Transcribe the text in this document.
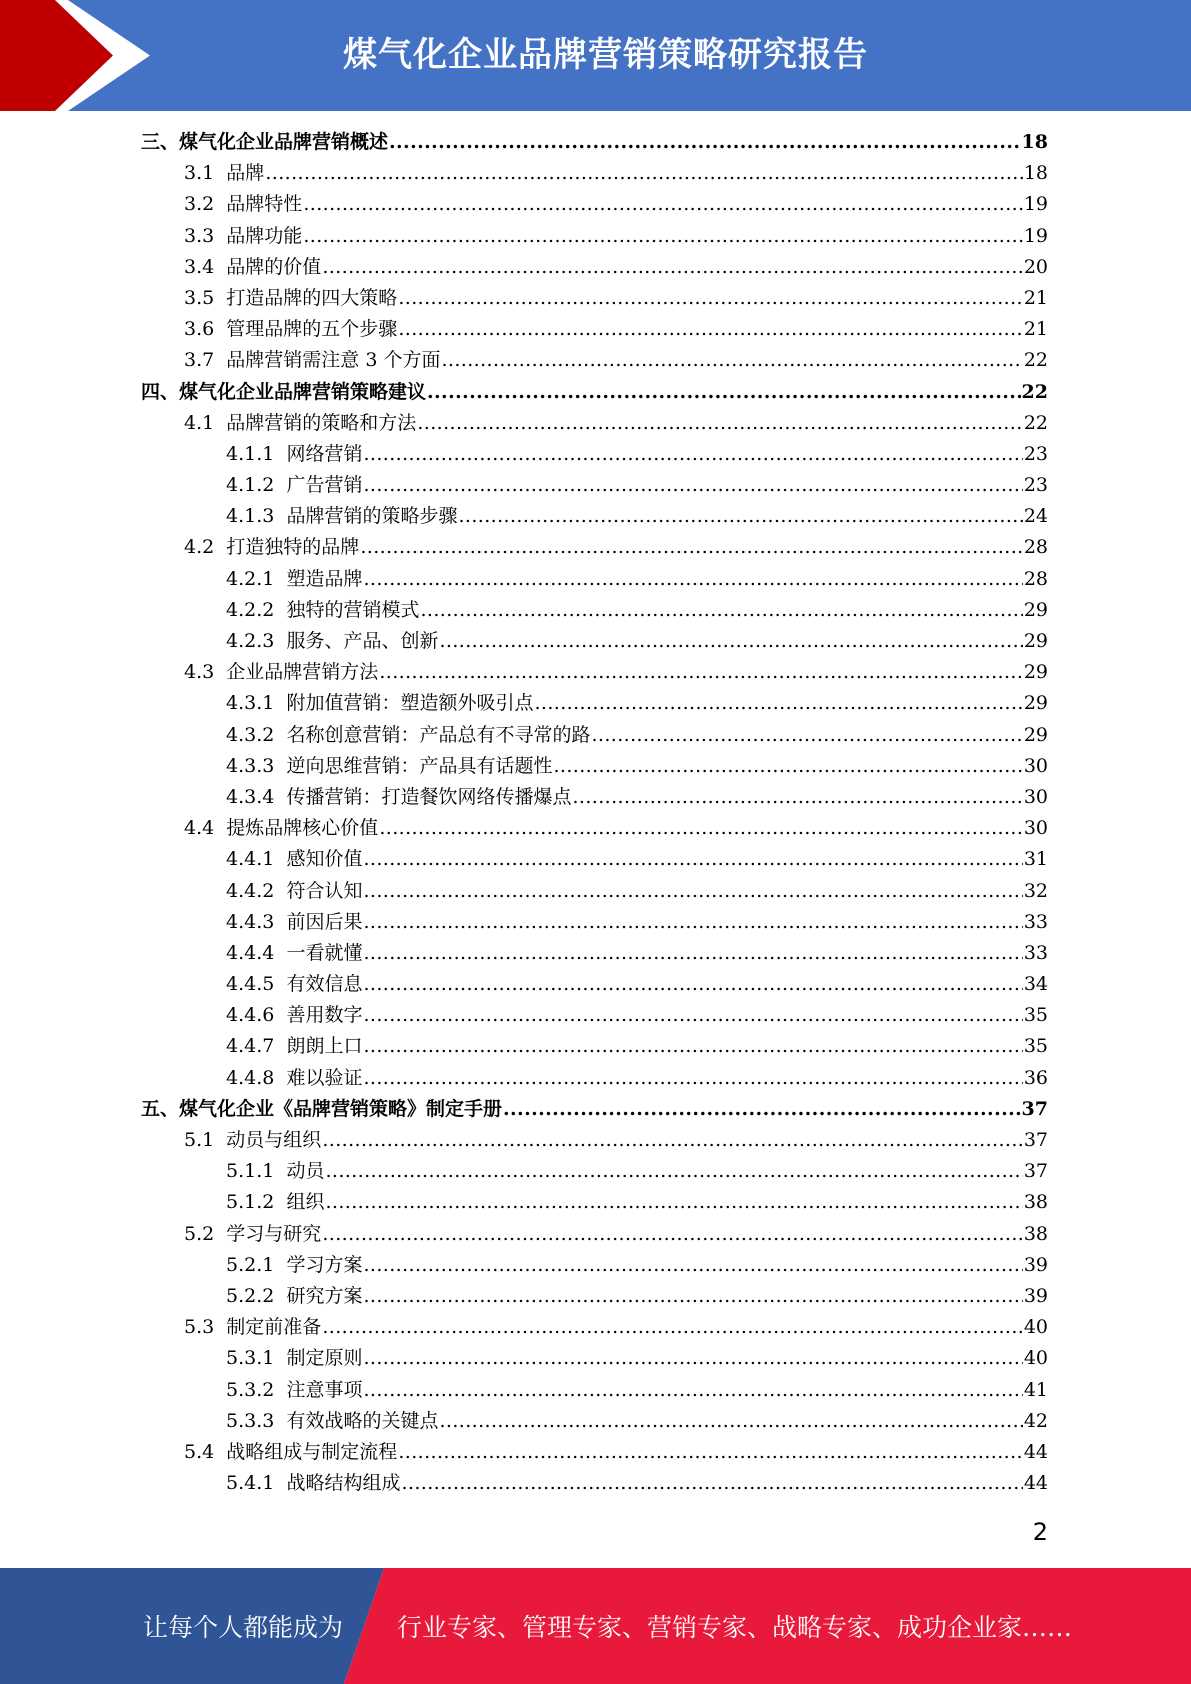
煤气化企业品牌营销策略研究报告
三、 煤气化企业品牌营销概述 .....	18
3.1 品牌 .....	18
3.2 品牌特性 .....	19
3.3 品牌功能 .....	19
3.4 品牌的价值 .....	20
3.5 打造品牌的四大策略 .....	21
3.6 管理品牌的五个步骤 .....	21
3.7 品牌营销需注意 3 个方面 .....	22
四、 煤气化企业品牌营销策略建议 .....	22
4.1 品牌营销的策略和方法 .....	22
4.1.1 网络营销 .....	23
4.1.2 广告营销 .....	23
4.1.3 品牌营销的策略步骤 .....	24
4.2 打造独特的品牌 .....	28
4.2.1 塑造品牌 .....	28
4.2.2 独特的营销模式 .....	29
4.2.3 服务、产品、创新 .....	29
4.3 企业品牌营销方法 .....	29
4.3.1 附加值营销：塑造额外吸引点 .....	29
4.3.2 名称创意营销：产品总有不寻常的路 .....	29
4.3.3 逆向思维营销：产品具有话题性 .....	30
4.3.4 传播营销：打造餐饮网络传播爆点 .....	30
4.4 提炼品牌核心价值 .....	30
4.4.1 感知价值 .....	31
4.4.2 符合认知 .....	32
4.4.3 前因后果 .....	33
4.4.4 一看就懂 .....	33
4.4.5 有效信息 .....	34
4.4.6 善用数字 .....	35
4.4.7 朗朗上口 .....	35
4.4.8 难以验证 .....	36
五、 煤气化企业《品牌营销策略》制定手册 .....	37
5.1 动员与组织 .....	37
5.1.1 动员 .....	37
5.1.2 组织 .....	38
5.2 学习与研究 .....	38
5.2.1 学习方案 .....	39
5.2.2 研究方案 .....	39
5.3 制定前准备 .....	40
5.3.1 制定原则 .....	40
5.3.2 注意事项 .....	41
5.3.3 有效战略的关键点 .....	42
5.4 战略组成与制定流程 .....	44
5.4.1 战略结构组成 .....	44
2
让每个人都能成为 行业专家、管理专家、营销专家、战略专家、成功企业家……
